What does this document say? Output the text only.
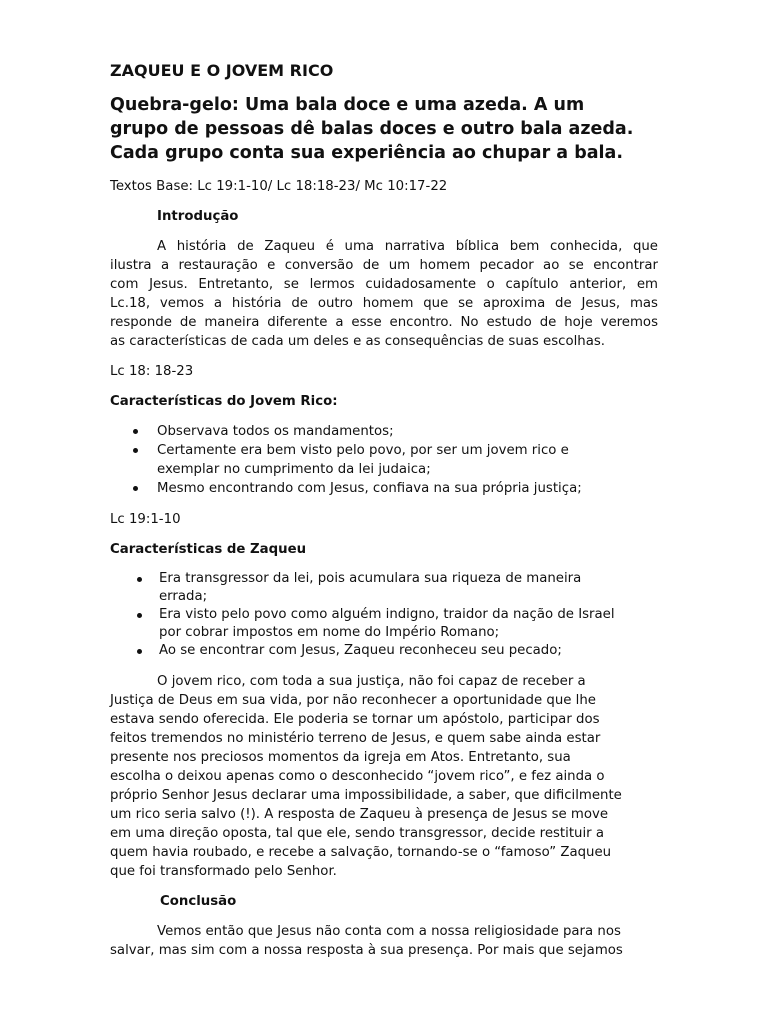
ZAQUEU E O JOVEM RICO
Quebra-gelo: Uma bala doce e uma azeda. A um
grupo de pessoas dê balas doces e outro bala azeda.
Cada grupo conta sua experiência ao chupar a bala.
Textos Base: Lc 19:1-10/ Lc 18:18-23/ Mc 10:17-22
Introdução
A história de Zaqueu é uma narrativa bíblica bem conhecida, que
ilustra a restauração e conversão de um homem pecador ao se encontrar
com Jesus. Entretanto, se lermos cuidadosamente o capítulo anterior, em
Lc.18, vemos a história de outro homem que se aproxima de Jesus, mas
responde de maneira diferente a esse encontro. No estudo de hoje veremos
as características de cada um deles e as consequências de suas escolhas.
Lc 18: 18-23
Características do Jovem Rico:
Observava todos os mandamentos;
Certamente era bem visto pelo povo, por ser um jovem rico e
exemplar no cumprimento da lei judaica;
Mesmo encontrando com Jesus, confiava na sua própria justiça;
Lc 19:1-10
Características de Zaqueu
Era transgressor da lei, pois acumulara sua riqueza de maneira
errada;
Era visto pelo povo como alguém indigno, traidor da nação de Israel
por cobrar impostos em nome do Império Romano;
Ao se encontrar com Jesus, Zaqueu reconheceu seu pecado;
O jovem rico, com toda a sua justiça, não foi capaz de receber a
Justiça de Deus em sua vida, por não reconhecer a oportunidade que lhe
estava sendo oferecida. Ele poderia se tornar um apóstolo, participar dos
feitos tremendos no ministério terreno de Jesus, e quem sabe ainda estar
presente nos preciosos momentos da igreja em Atos. Entretanto, sua
escolha o deixou apenas como o desconhecido “jovem rico”, e fez ainda o
próprio Senhor Jesus declarar uma impossibilidade, a saber, que dificilmente
um rico seria salvo (!). A resposta de Zaqueu à presença de Jesus se move
em uma direção oposta, tal que ele, sendo transgressor, decide restituir a
quem havia roubado, e recebe a salvação, tornando-se o “famoso” Zaqueu
que foi transformado pelo Senhor.
Conclusão
Vemos então que Jesus não conta com a nossa religiosidade para nos
salvar, mas sim com a nossa resposta à sua presença. Por mais que sejamos
